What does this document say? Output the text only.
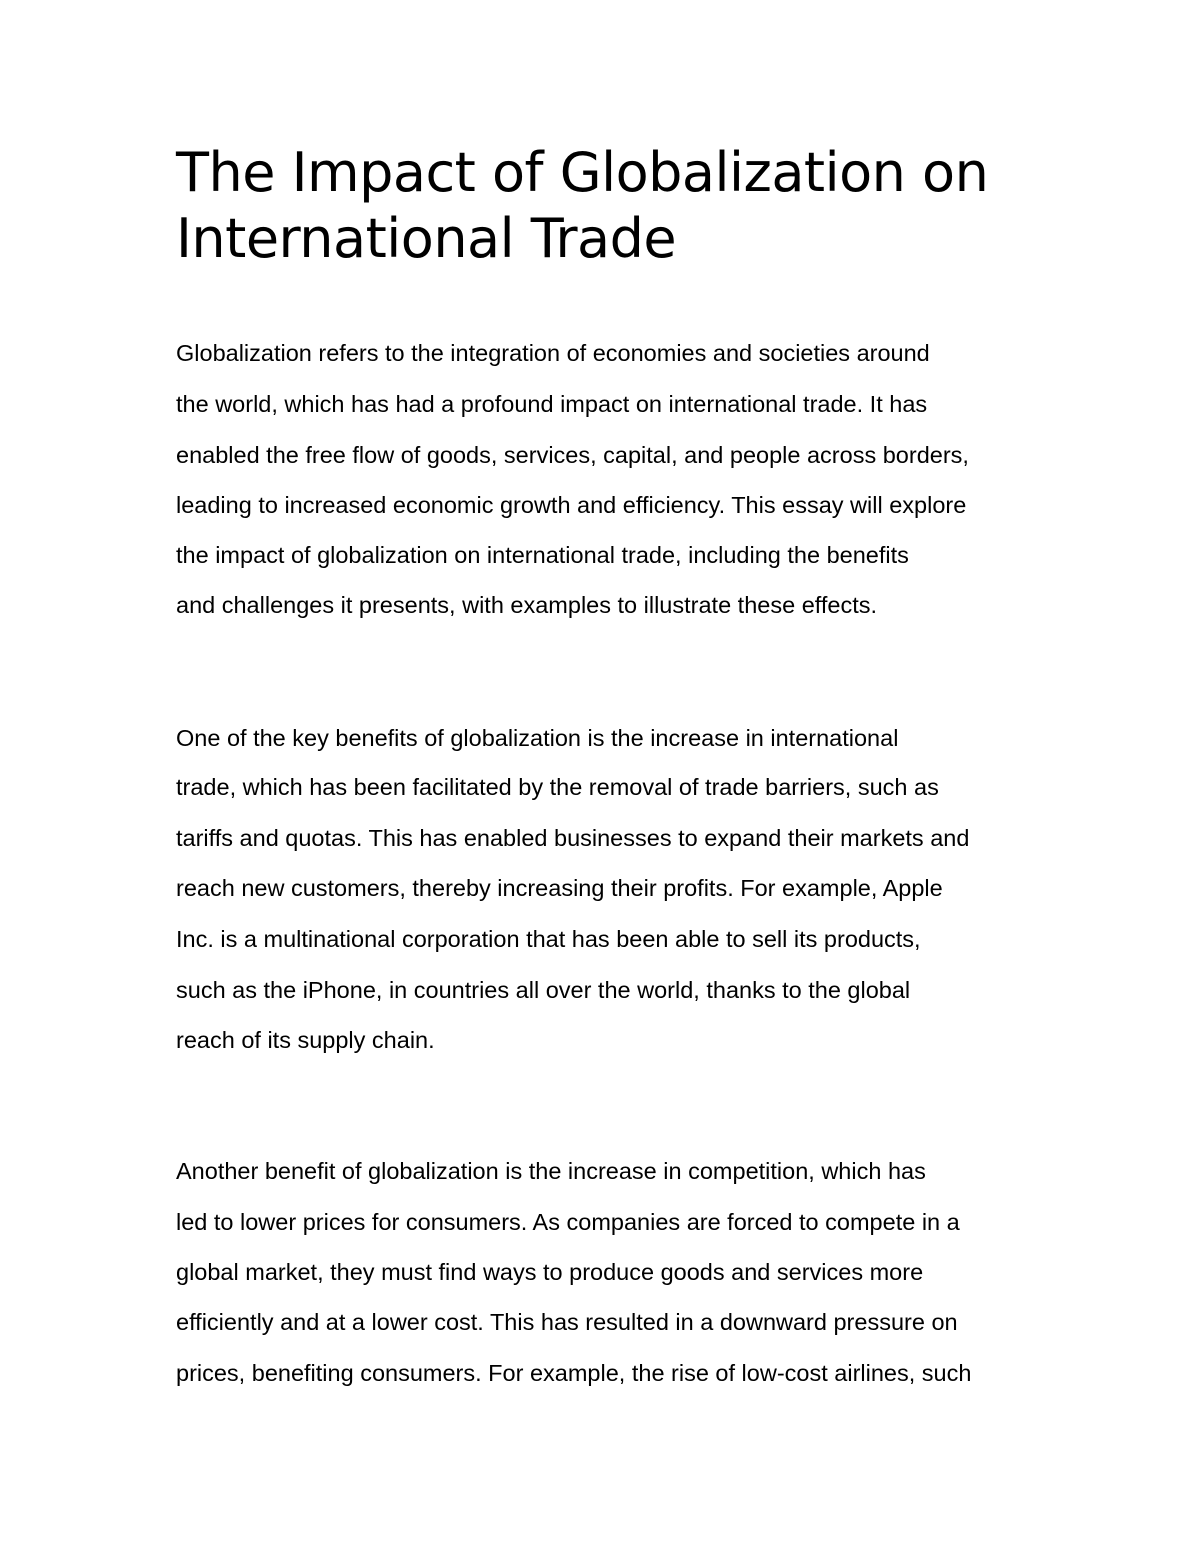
The Impact of Globalization on
International Trade
Globalization refers to the integration of economies and societies around
the world, which has had a profound impact on international trade. It has
enabled the free flow of goods, services, capital, and people across borders,
leading to increased economic growth and efficiency. This essay will explore
the impact of globalization on international trade, including the benefits
and challenges it presents, with examples to illustrate these effects.
One of the key benefits of globalization is the increase in international
trade, which has been facilitated by the removal of trade barriers, such as
tariffs and quotas. This has enabled businesses to expand their markets and
reach new customers, thereby increasing their profits. For example, Apple
Inc. is a multinational corporation that has been able to sell its products,
such as the iPhone, in countries all over the world, thanks to the global
reach of its supply chain.
Another benefit of globalization is the increase in competition, which has
led to lower prices for consumers. As companies are forced to compete in a
global market, they must find ways to produce goods and services more
efficiently and at a lower cost. This has resulted in a downward pressure on
prices, benefiting consumers. For example, the rise of low-cost airlines, such
